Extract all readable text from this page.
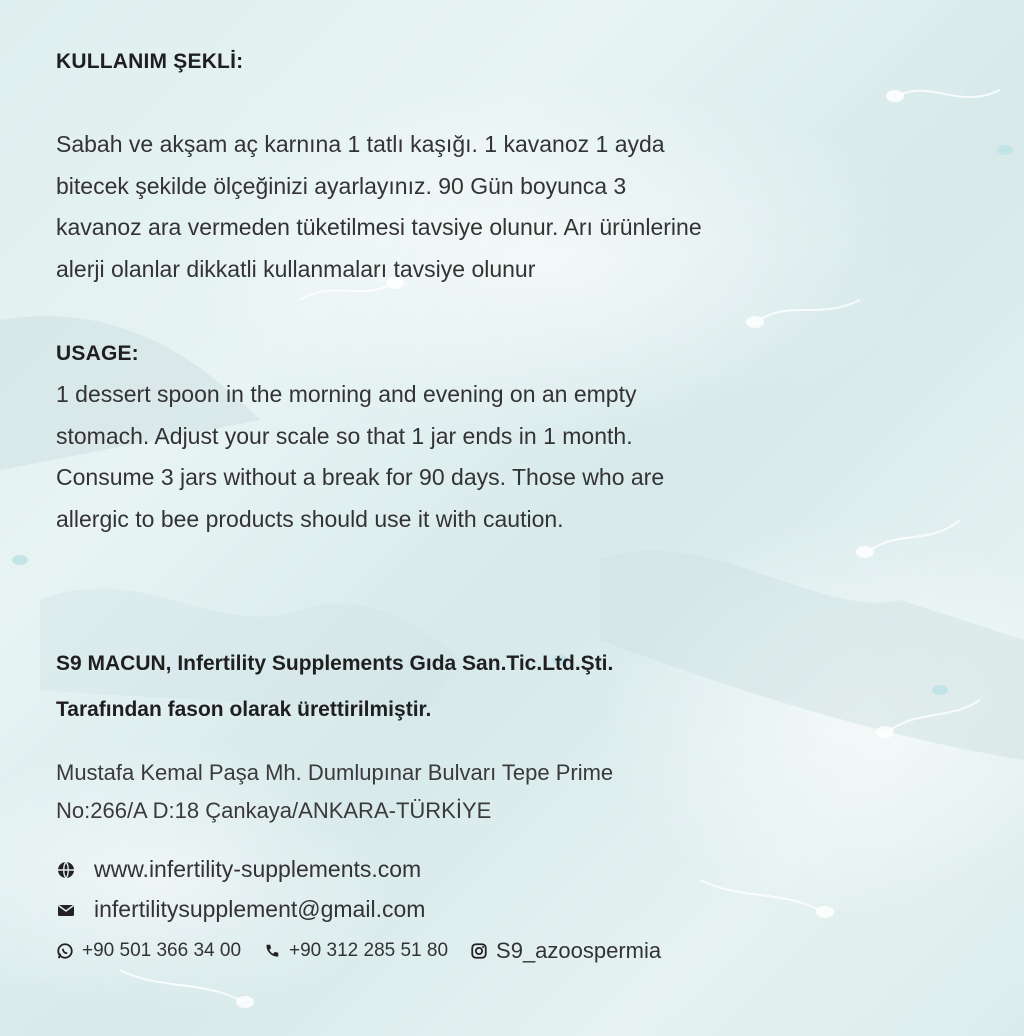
KULLANIM ŞEKLİ:
Sabah ve akşam aç karnına 1 tatlı kaşığı. 1 kavanoz 1 ayda
bitecek şekilde ölçeğinizi ayarlayınız. 90 Gün boyunca 3
kavanoz ara vermeden tüketilmesi tavsiye olunur. Arı ürünlerine
alerji olanlar dikkatli kullanmaları tavsiye olunur
USAGE:
1 dessert spoon in the morning and evening on an empty
stomach. Adjust your scale so that 1 jar ends in 1 month.
Consume 3 jars without a break for 90 days. Those who are
allergic to bee products should use it with caution.
S9 MACUN, Infertility Supplements Gıda San.Tic.Ltd.Şti.
Tarafından fason olarak ürettirilmiştir.
Mustafa Kemal Paşa Mh. Dumlupınar Bulvarı Tepe Prime
No:266/A D:18 Çankaya/ANKARA-TÜRKİYE
www.infertility-supplements.com
infertilitysupplement@gmail.com
+90 501 366 34 00	+90 312 285 51 80 S9_azoospermia
